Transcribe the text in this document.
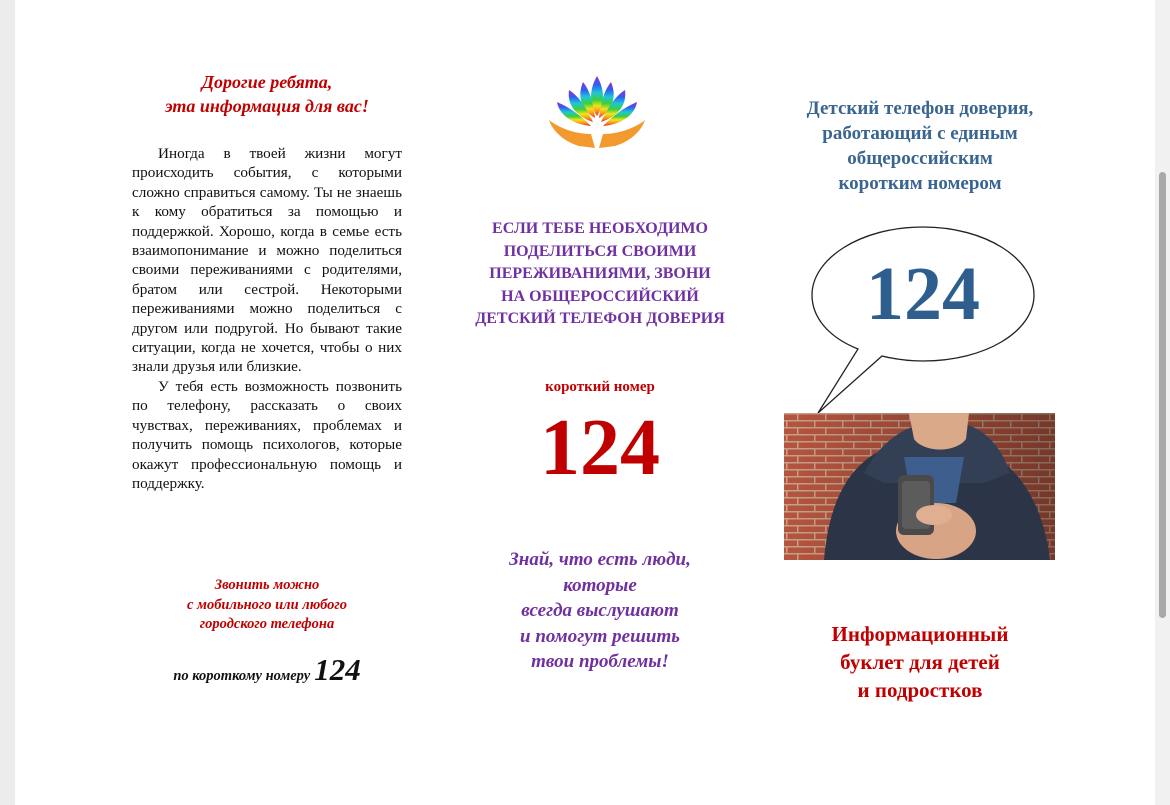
Дорогие ребята,
эта информация для вас!

Иногда в твоей жизни могут происходить события, с которыми сложно справиться самому. Ты не знаешь к кому обратиться за помощью и поддержкой. Хорошо, когда в семье есть взаимопонимание и можно поделиться своими переживаниями с родителями, братом или сестрой. Некоторыми переживаниями можно поделиться с другом или подругой. Но бывают такие ситуации, когда не хочется, чтобы о них знали друзья или близкие.

У тебя есть возможность позвонить по телефону, рассказать о своих чувствах, переживаниях, проблемах и получить помощь психологов, которые окажут профессиональную помощь и поддержку.

Звонить можно
с мобильного или любого
городского телефона
по короткому номеру 124
ЕСЛИ ТЕБЕ НЕОБХОДИМО
ПОДЕЛИТЬСЯ СВОИМИ
ПЕРЕЖИВАНИЯМИ, ЗВОНИ
НА ОБЩЕРОССИЙСКИЙ
ДЕТСКИЙ ТЕЛЕФОН ДОВЕРИЯ
короткий номер
124
Знай, что есть люди,
которые
всегда выслушают
и помогут решить
твои проблемы!
Детский телефон доверия,
работающий с единым
общероссийским
коротким номером
124
Информационный
буклет для детей
и подростков
